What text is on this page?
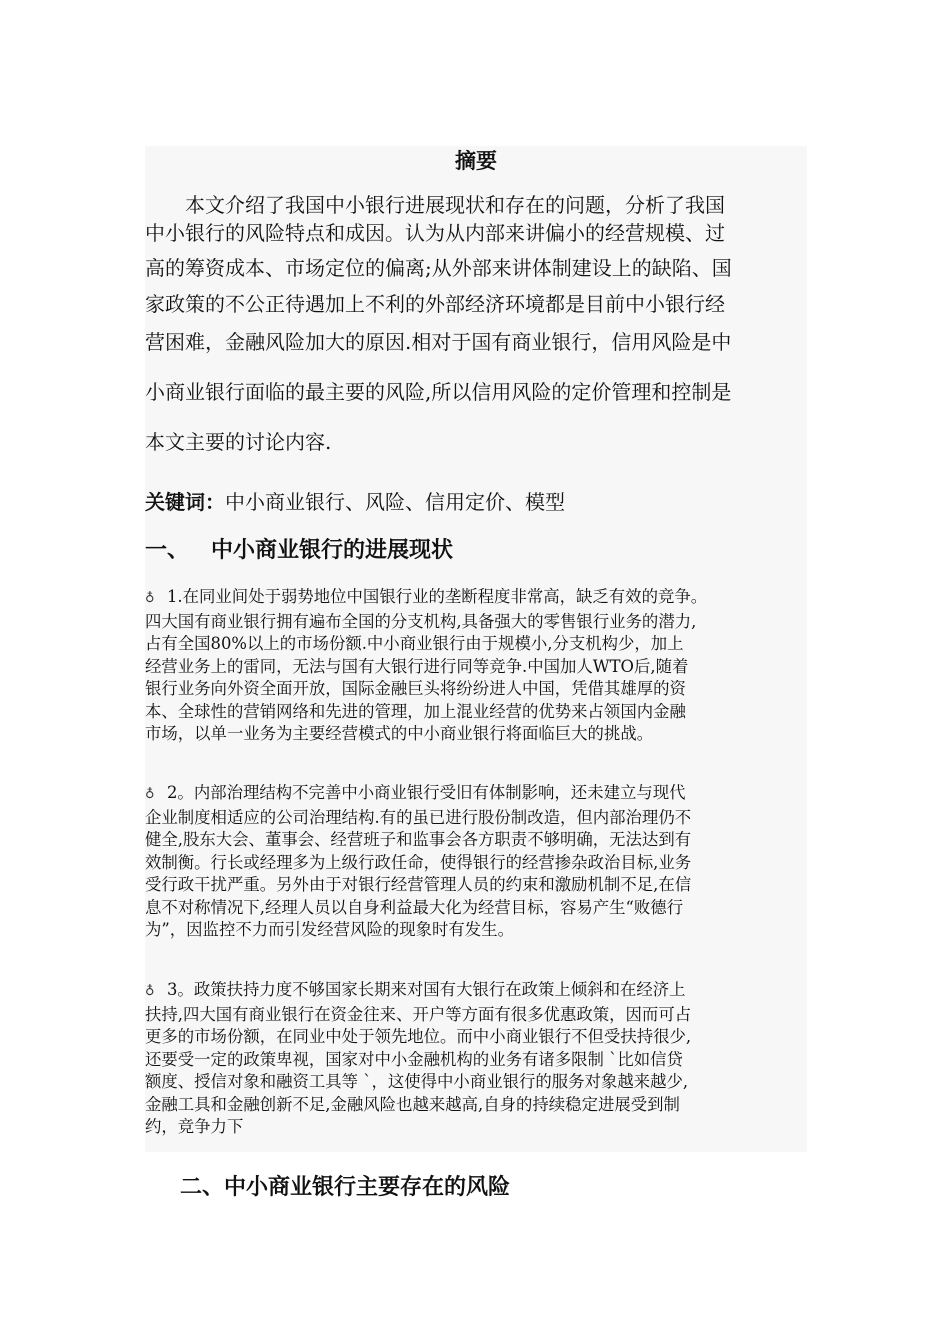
摘要
　　本文介绍了我国中小银行进展现状和存在的问题，分析了我国
中小银行的风险特点和成因。认为从内部来讲偏小的经营规模、过
高的筹资成本、市场定位的偏离;从外部来讲体制建设上的缺陷、国
家政策的不公正待遇加上不利的外部经济环境都是目前中小银行经
营困难，金融风险加大的原因.相对于国有商业银行，信用风险是中
小商业银行面临的最主要的风险,所以信用风险的定价管理和控制是
本文主要的讨论内容.
关键词：中小商业银行、风险、信用定价、模型
一、 中小商业银行的进展现状
♁ 1.在同业间处于弱势地位中国银行业的垄断程度非常高，缺乏有效的竞争。
四大国有商业银行拥有遍布全国的分支机构,具备强大的零售银行业务的潜力,
占有全国80%以上的市场份额.中小商业银行由于规模小,分支机构少，加上
经营业务上的雷同，无法与国有大银行进行同等竞争.中国加人WTO后,随着
银行业务向外资全面开放，国际金融巨头将纷纷进人中国，凭借其雄厚的资
本、全球性的营销网络和先进的管理，加上混业经营的优势来占领国内金融
市场，以单一业务为主要经营模式的中小商业银行将面临巨大的挑战。
♁ 2。内部治理结构不完善中小商业银行受旧有体制影响，还未建立与现代
企业制度相适应的公司治理结构.有的虽已进行股份制改造，但内部治理仍不
健全,股东大会、董事会、经营班子和监事会各方职责不够明确，无法达到有
效制衡。行长或经理多为上级行政任命，使得银行的经营掺杂政治目标,业务
受行政干扰严重。另外由于对银行经营管理人员的约束和激励机制不足,在信
息不对称情况下,经理人员以自身利益最大化为经营目标，容易产生“败德行
为”，因监控不力而引发经营风险的现象时有发生。
♁ 3。政策扶持力度不够国家长期来对国有大银行在政策上倾斜和在经济上
扶持,四大国有商业银行在资金往来、开户等方面有很多优惠政策，因而可占
更多的市场份额，在同业中处于领先地位。而中小商业银行不但受扶持很少,
还要受一定的政策卑视，国家对中小金融机构的业务有诸多限制 `比如信贷
额度、授信对象和融资工具等 `，这使得中小商业银行的服务对象越来越少,
金融工具和金融创新不足,金融风险也越来越高,自身的持续稳定进展受到制
约，竞争力下
二、中小商业银行主要存在的风险
